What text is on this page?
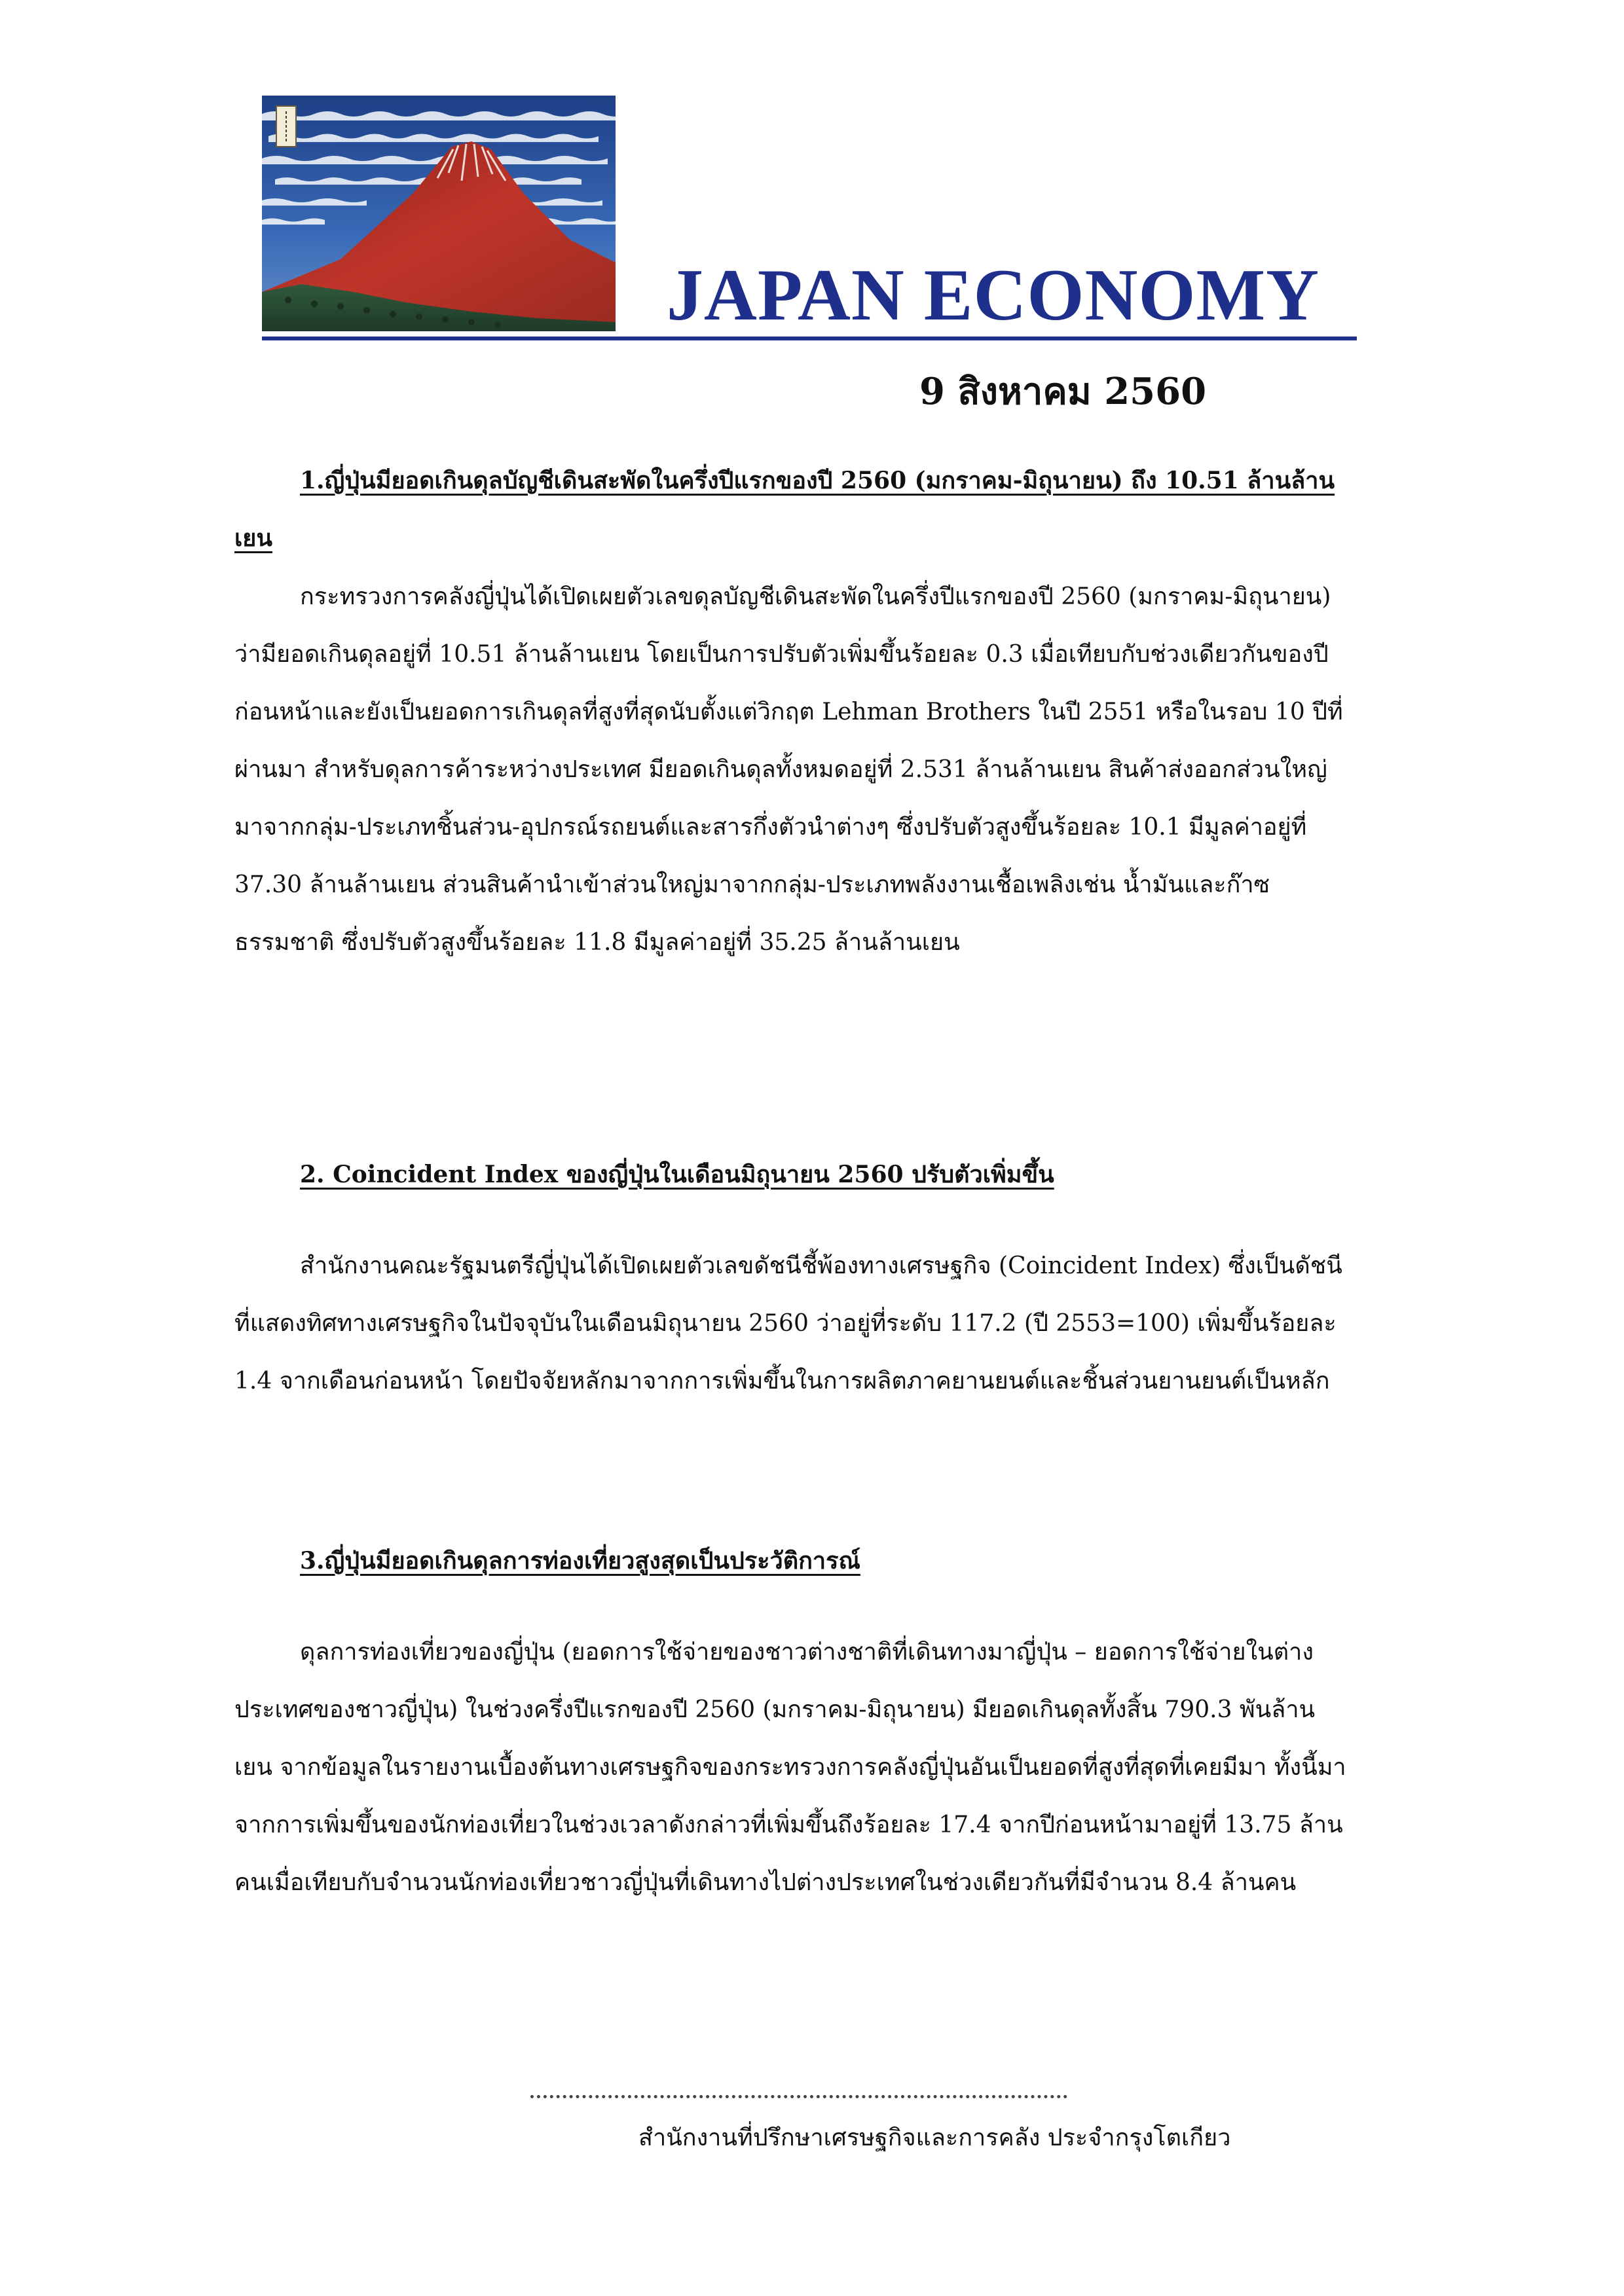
JAPAN ECONOMY
9 สิงหาคม 2560
1.ญี่ปุ่นมียอดเกินดุลบัญชีเดินสะพัดในครึ่งปีแรกของปี 2560 (มกราคม-มิถุนายน) ถึง 10.51 ล้านล้านเยน
กระทรวงการคลังญี่ปุ่นได้เปิดเผยตัวเลขดุลบัญชีเดินสะพัดในครึ่งปีแรกของปี 2560 (มกราคม-มิถุนายน) ว่ามียอดเกินดุลอยู่ที่ 10.51 ล้านล้านเยน โดยเป็นการปรับตัวเพิ่มขึ้นร้อยละ 0.3 เมื่อเทียบกับช่วงเดียวกันของปีก่อนหน้าและยังเป็นยอดการเกินดุลที่สูงที่สุดนับตั้งแต่วิกฤต Lehman Brothers ในปี 2551 หรือในรอบ 10 ปีที่ผ่านมา สำหรับดุลการค้าระหว่างประเทศ มียอดเกินดุลทั้งหมดอยู่ที่ 2.531 ล้านล้านเยน สินค้าส่งออกส่วนใหญ่มาจากกลุ่ม-ประเภทชิ้นส่วน-อุปกรณ์รถยนต์และสารกึ่งตัวนำต่างๆ ซึ่งปรับตัวสูงขึ้นร้อยละ 10.1 มีมูลค่าอยู่ที่ 37.30 ล้านล้านเยน ส่วนสินค้านำเข้าส่วนใหญ่มาจากกลุ่ม-ประเภทพลังงานเชื้อเพลิงเช่น น้ำมันและก๊าซธรรมชาติ ซึ่งปรับตัวสูงขึ้นร้อยละ 11.8 มีมูลค่าอยู่ที่ 35.25 ล้านล้านเยน
2. Coincident Index ของญี่ปุ่นในเดือนมิถุนายน 2560 ปรับตัวเพิ่มขึ้น
สำนักงานคณะรัฐมนตรีญี่ปุ่นได้เปิดเผยตัวเลขดัชนีชี้พ้องทางเศรษฐกิจ (Coincident Index) ซึ่งเป็นดัชนีที่แสดงทิศทางเศรษฐกิจในปัจจุบันในเดือนมิถุนายน 2560 ว่าอยู่ที่ระดับ 117.2 (ปี 2553=100) เพิ่มขึ้นร้อยละ 1.4 จากเดือนก่อนหน้า โดยปัจจัยหลักมาจากการเพิ่มขึ้นในการผลิตภาคยานยนต์และชิ้นส่วนยานยนต์เป็นหลัก
3.ญี่ปุ่นมียอดเกินดุลการท่องเที่ยวสูงสุดเป็นประวัติการณ์
ดุลการท่องเที่ยวของญี่ปุ่น (ยอดการใช้จ่ายของชาวต่างชาติที่เดินทางมาญี่ปุ่น – ยอดการใช้จ่ายในต่างประเทศของชาวญี่ปุ่น) ในช่วงครึ่งปีแรกของปี 2560 (มกราคม-มิถุนายน) มียอดเกินดุลทั้งสิ้น 790.3 พันล้านเยน จากข้อมูลในรายงานเบื้องต้นทางเศรษฐกิจของกระทรวงการคลังญี่ปุ่นอันเป็นยอดที่สูงที่สุดที่เคยมีมา ทั้งนี้มาจากการเพิ่มขึ้นของนักท่องเที่ยวในช่วงเวลาดังกล่าวที่เพิ่มขึ้นถึงร้อยละ 17.4 จากปีก่อนหน้ามาอยู่ที่ 13.75 ล้านคนเมื่อเทียบกับจำนวนนักท่องเที่ยวชาวญี่ปุ่นที่เดินทางไปต่างประเทศในช่วงเดียวกันที่มีจำนวน 8.4 ล้านคน
สำนักงานที่ปรึกษาเศรษฐกิจและการคลัง ประจำกรุงโตเกียว
